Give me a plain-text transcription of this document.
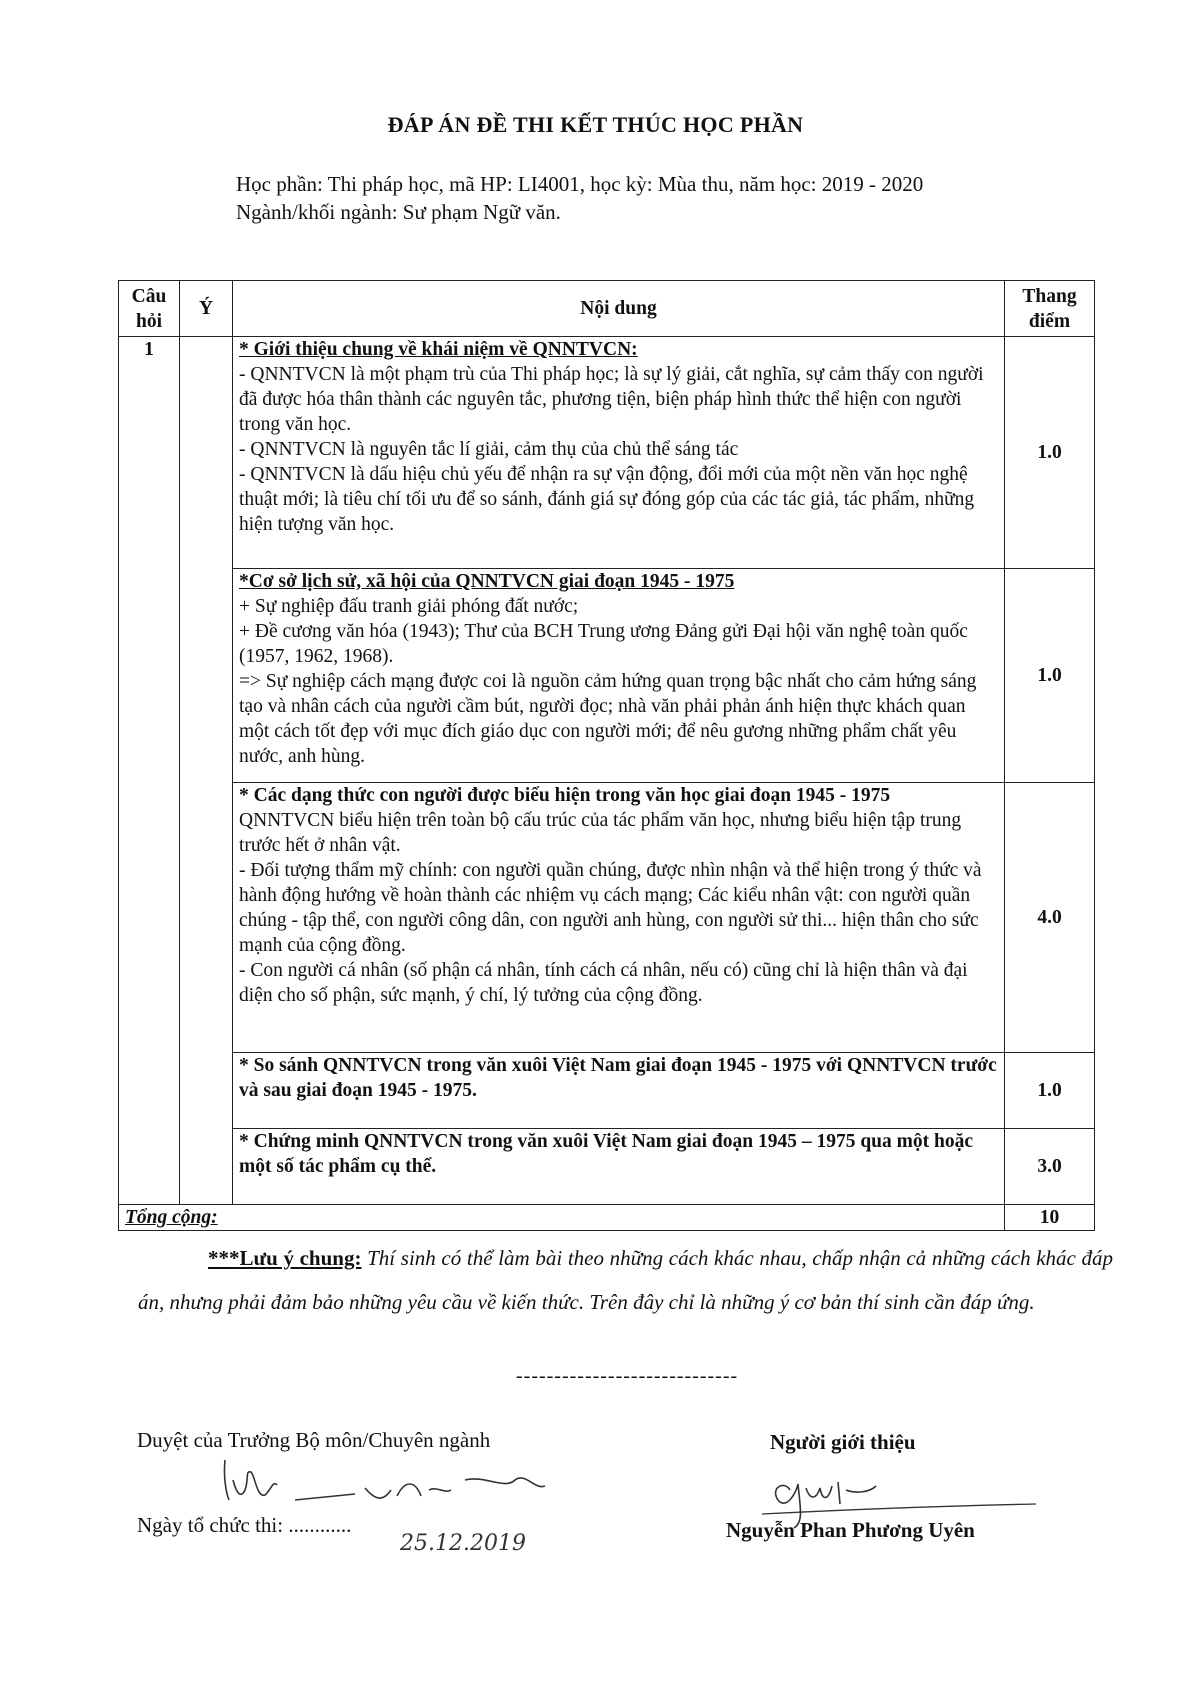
ĐÁP ÁN ĐỀ THI KẾT THÚC HỌC PHẦN
Học phần: Thi pháp học, mã HP: LI4001, học kỳ: Mùa thu, năm học: 2019 - 2020
Ngành/khối ngành: Sư phạm Ngữ văn.
Câu hỏi	Ý	Nội dung	Thang điểm
1		* Giới thiệu chung về khái niệm về QNNTVCN:
- QNNTVCN là một phạm trù của Thi pháp học; là sự lý giải, cắt nghĩa, sự cảm thấy con người đã được hóa thân thành các nguyên tắc, phương tiện, biện pháp hình thức thể hiện con người trong văn học.
- QNNTVCN là nguyên tắc lí giải, cảm thụ của chủ thể sáng tác
- QNNTVCN là dấu hiệu chủ yếu để nhận ra sự vận động, đổi mới của một nền văn học nghệ thuật mới; là tiêu chí tối ưu để so sánh, đánh giá sự đóng góp của các tác giả, tác phẩm, những hiện tượng văn học.	1.0

		*Cơ sở lịch sử, xã hội của QNNTVCN giai đoạn 1945 - 1975
+ Sự nghiệp đấu tranh giải phóng đất nước;
+ Đề cương văn hóa (1943); Thư của BCH Trung ương Đảng gửi Đại hội văn nghệ toàn quốc (1957, 1962, 1968).
=> Sự nghiệp cách mạng được coi là nguồn cảm hứng quan trọng bậc nhất cho cảm hứng sáng tạo và nhân cách của người cầm bút, người đọc; nhà văn phải phản ánh hiện thực khách quan một cách tốt đẹp với mục đích giáo dục con người mới; để nêu gương những phẩm chất yêu nước, anh hùng.	1.0

		* Các dạng thức con người được biểu hiện trong văn học giai đoạn 1945 - 1975
QNNTVCN biểu hiện trên toàn bộ cấu trúc của tác phẩm văn học, nhưng biểu hiện tập trung trước hết ở nhân vật.
- Đối tượng thẩm mỹ chính: con người quần chúng, được nhìn nhận và thể hiện trong ý thức và hành động hướng về hoàn thành các nhiệm vụ cách mạng; Các kiểu nhân vật: con người quần chúng - tập thể, con người công dân, con người anh hùng, con người sử thi... hiện thân cho sức mạnh của cộng đồng.
- Con người cá nhân (số phận cá nhân, tính cách cá nhân, nếu có) cũng chỉ là hiện thân và đại diện cho số phận, sức mạnh, ý chí, lý tưởng của cộng đồng.	4.0

		* So sánh QNNTVCN trong văn xuôi Việt Nam giai đoạn 1945 - 1975 với QNNTVCN trước và sau giai đoạn 1945 - 1975.	1.0

		* Chứng minh QNNTVCN trong văn xuôi Việt Nam giai đoạn 1945 – 1975 qua một hoặc một số tác phẩm cụ thể.	3.0
Tổng cộng:			10
***Lưu ý chung: Thí sinh có thể làm bài theo những cách khác nhau, chấp nhận cả những cách khác đáp án, nhưng phải đảm bảo những yêu cầu về kiến thức. Trên đây chỉ là những ý cơ bản thí sinh cần đáp ứng.
-----------------------------
Duyệt của Trưởng Bộ môn/Chuyên ngành
Ngày tổ chức thi: ............
Người giới thiệu
Nguyễn Phan Phương Uyên
25.12.2019
